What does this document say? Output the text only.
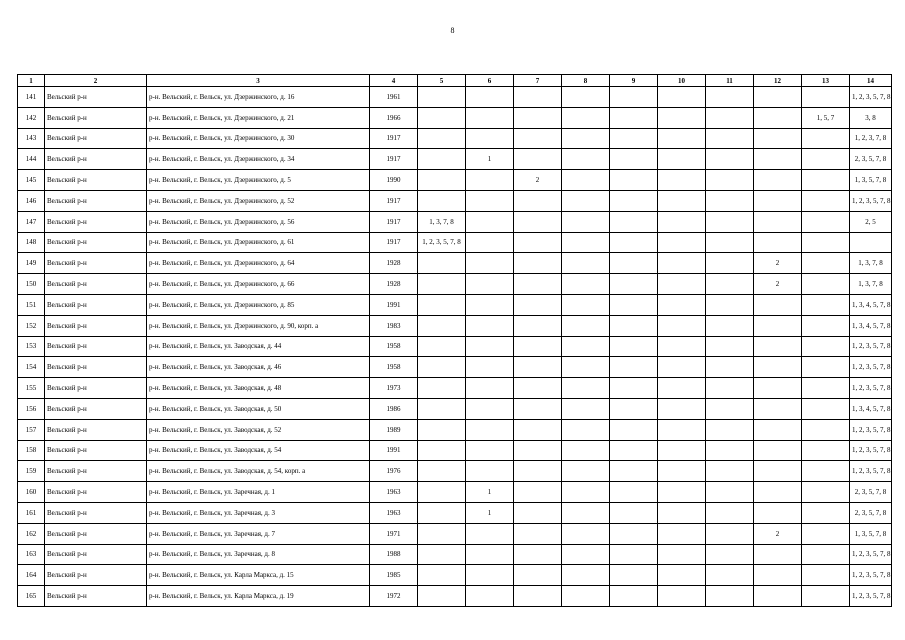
8
1	2	3	4	5	6	7	8	9	10	11	12	13	14
141	Вельский р-н	р-н. Вельский, г. Вельск, ул. Дзержинского, д. 16	1961										1, 2, 3, 5, 7, 8
142	Вельский р-н	р-н. Вельский, г. Вельск, ул. Дзержинского, д. 21	1966									1, 5, 7	3, 8
143	Вельский р-н	р-н. Вельский, г. Вельск, ул. Дзержинского, д. 30	1917										1, 2, 3, 7, 8
144	Вельский р-н	р-н. Вельский, г. Вельск, ул. Дзержинского, д. 34	1917		1								2, 3, 5, 7, 8
145	Вельский р-н	р-н. Вельский, г. Вельск, ул. Дзержинского, д. 5	1990			2							1, 3, 5, 7, 8
146	Вельский р-н	р-н. Вельский, г. Вельск, ул. Дзержинского, д. 52	1917										1, 2, 3, 5, 7, 8
147	Вельский р-н	р-н. Вельский, г. Вельск, ул. Дзержинского, д. 56	1917	1, 3, 7, 8									2, 5
148	Вельский р-н	р-н. Вельский, г. Вельск, ул. Дзержинского, д. 61	1917	1, 2, 3, 5, 7, 8									
149	Вельский р-н	р-н. Вельский, г. Вельск, ул. Дзержинского, д. 64	1928								2		1, 3, 7, 8
150	Вельский р-н	р-н. Вельский, г. Вельск, ул. Дзержинского, д. 66	1928								2		1, 3, 7, 8
151	Вельский р-н	р-н. Вельский, г. Вельск, ул. Дзержинского, д. 85	1991										1, 3, 4, 5, 7, 8
152	Вельский р-н	р-н. Вельский, г. Вельск, ул. Дзержинского, д. 90, корп. а	1983										1, 3, 4, 5, 7, 8
153	Вельский р-н	р-н. Вельский, г. Вельск, ул. Заводская, д. 44	1958										1, 2, 3, 5, 7, 8
154	Вельский р-н	р-н. Вельский, г. Вельск, ул. Заводская, д. 46	1958										1, 2, 3, 5, 7, 8
155	Вельский р-н	р-н. Вельский, г. Вельск, ул. Заводская, д. 48	1973										1, 2, 3, 5, 7, 8
156	Вельский р-н	р-н. Вельский, г. Вельск, ул. Заводская, д. 50	1986										1, 3, 4, 5, 7, 8
157	Вельский р-н	р-н. Вельский, г. Вельск, ул. Заводская, д. 52	1989										1, 2, 3, 5, 7, 8
158	Вельский р-н	р-н. Вельский, г. Вельск, ул. Заводская, д. 54	1991										1, 2, 3, 5, 7, 8
159	Вельский р-н	р-н. Вельский, г. Вельск, ул. Заводская, д. 54, корп. а	1976										1, 2, 3, 5, 7, 8
160	Вельский р-н	р-н. Вельский, г. Вельск, ул. Заречная, д. 1	1963		1								2, 3, 5, 7, 8
161	Вельский р-н	р-н. Вельский, г. Вельск, ул. Заречная, д. 3	1963		1								2, 3, 5, 7, 8
162	Вельский р-н	р-н. Вельский, г. Вельск, ул. Заречная, д. 7	1971								2		1, 3, 5, 7, 8
163	Вельский р-н	р-н. Вельский, г. Вельск, ул. Заречная, д. 8	1988										1, 2, 3, 5, 7, 8
164	Вельский р-н	р-н. Вельский, г. Вельск, ул. Карла Маркса, д. 15	1985										1, 2, 3, 5, 7, 8
165	Вельский р-н	р-н. Вельский, г. Вельск, ул. Карла Маркса, д. 19	1972										1, 2, 3, 5, 7, 8
